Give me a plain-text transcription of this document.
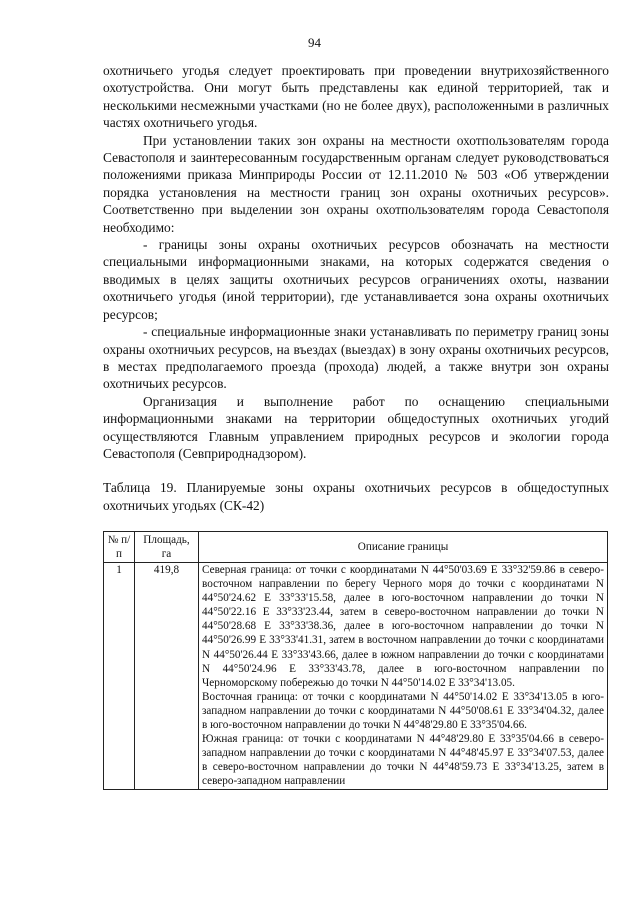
94

охотничьего угодья следует проектировать при проведении внутрихозяйственного охотустройства. Они могут быть представлены как единой территорией, так и несколькими несмежными участками (но не более двух), расположенными в различных частях охотничьего угодья.

При установлении таких зон охраны на местности охотпользователям города Севастополя и заинтересованным государственным органам следует руководствоваться положениями приказа Минприроды России от 12.11.2010 № 503 «Об утверждении порядка установления на местности границ зон охраны охотничьих ресурсов». Соответственно при выделении зон охраны охотпользователям города Севастополя необходимо:

- границы зоны охраны охотничьих ресурсов обозначать на местности специальными информационными знаками, на которых содержатся сведения о вводимых в целях защиты охотничьих ресурсов ограничениях охоты, названии охотничьего угодья (иной территории), где устанавливается зона охраны охотничьих ресурсов;

- специальные информационные знаки устанавливать по периметру границ зоны охраны охотничьих ресурсов, на въездах (выездах) в зону охраны охотничьих ресурсов, в местах предполагаемого проезда (прохода) людей, а также внутри зон охраны охотничьих ресурсов.

Организация и выполнение работ по оснащению специальными информационными знаками на территории общедоступных охотничьих угодий осуществляются Главным управлением природных ресурсов и экологии города Севастополя (Севприроднадзором).

Таблица 19. Планируемые зоны охраны охотничьих ресурсов в общедоступных охотничьих угодьях (СК-42)
№ п/п	Площадь, га	Описание границы
1	419,8	Северная граница: от точки с координатами N 44°50'03.69 E 33°32'59.86 в северо-восточном направлении по берегу Черного моря до точки с координатами N 44°50'24.62 E 33°33'15.58, далее в юго-восточном направлении до точки N 44°50'22.16 E 33°33'23.44, затем в северо-восточном направлении до точки N 44°50'28.68 E 33°33'38.36, далее в юго-восточном направлении до точки N 44°50'26.99 E 33°33'41.31, затем в восточном направлении до точки с координатами N 44°50'26.44 E 33°33'43.66, далее в южном направлении до точки с координатами N 44°50'24.96 E 33°33'43.78, далее в юго-восточном направлении по Черноморскому побережью до точки N 44°50'14.02 E 33°34'13.05.

Восточная граница: от точки с координатами N 44°50'14.02 E 33°34'13.05 в юго-западном направлении до точки с координатами N 44°50'08.61 E 33°34'04.32, далее в юго-восточном направлении до точки N 44°48'29.80 E 33°35'04.66.

Южная граница: от точки с координатами N 44°48'29.80 E 33°35'04.66 в северо-западном направлении до точки с координатами N 44°48'45.97 E 33°34'07.53, далее в северо-восточном направлении до точки N 44°48'59.73 E 33°34'13.25, затем в северо-западном направлении
